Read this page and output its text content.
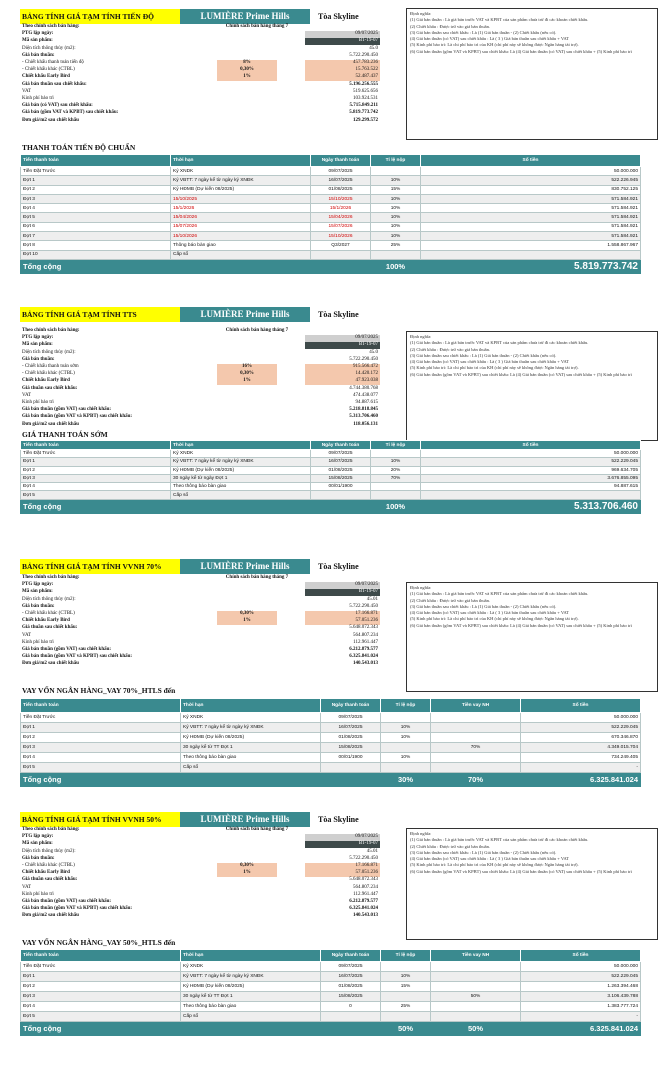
BẢNG TÍNH GIÁ TẠM TÍNH TIẾN ĐỘ	LUMIÈRE Prime Hills	Tòa Skyline	Định nghĩa:
(1) Giá bán thuần : Là giá bán trước VAT và KPBT của sản phẩm chưa trừ đi các khoản chiết khấu.
(2) Chiết khấu : Được trừ vào giá bán thuần.
(3) Giá bán thuần sau chiết khấu : Là (1) Giá bán thuần - (2) Chiết khấu (nếu có).
(4) Giá bán thuần (có VAT) sau chiết khấu : Là ( 3 ) Giá bán thuần sau chiết khấu + VAT
(5) Kinh phí bảo trì: Là chi phí bảo trì của KH (chỉ phí này sẽ không được Ngân hàng tài trợ).
(6) Giá bán thuần (gồm VAT và KPBT) sau chiết khấu: Là (4) Giá bán thuần (có VAT) sau chiết khấu + (5) Kinh phí bảo trì
Theo chính sách bán hàng:	Chính sách bán hàng tháng 7
PTG lập ngày:	09/07/2025
Mã sản phẩm:	B1-19-07
Diện tích thông thủy (m2):	45.0
Giá bán thuần:	5.722.290.450
- Chiết khấu thanh toán tiến độ	8%	457.783.236
- Chiết khấu khác (CTBL)	0,30%	15.763.522
Chiết khấu Early Bird	1%	52.487.437
Giá bán thuần sau chiết khấu:	5.196.256.555
VAT	519.625.656
Kinh phí bảo trì	103.924.531
Giá bán (có VAT) sau chiết khấu:	5.715.849.211
Giá bán (gồm VAT và KPBT) sau chiết khấu:	5.819.773.742
Đơn giá/m2 sau chiết khấu	129.299.572
THANH TOÁN TIẾN ĐỘ CHUẨN
Tiến thanh toán	Thời hạn	Ngày thanh toán	Tỉ lệ nộp	Số tiền
Tiền Đặt Trước	Ký XNDK	09/07/2025		50.000.000
Đợt 1	Ký VBTT: 7 ngày kể từ ngày ký XNĐK	16/07/2025	10%	522.226.945
Đợt 2	Ký HĐMB (Dự kiến 08/2025)	01/08/2025	15%	830.752.125
Đợt 3	15/10/2025	15/10/2025	10%	571.584.921
Đợt 4	15/1/2026	15/1/2026	10%	571.584.921
Đợt 5	15/04/2026	15/04/2026	10%	571.584.921
Đợt 6	15/07/2026	15/07/2026	10%	571.584.921
Đợt 7	15/10/2026	15/10/2026	10%	571.584.921
Đợt 8	Thông báo bàn giao	Q3/2027	25%	1.558.867.967
Đợt 10	Cấp sổ			
Tổng cộng			100%	5.819.773.742
BẢNG TÍNH GIÁ TẠM TÍNH TTS	LUMIÈRE Prime Hills	Tòa Skyline
Định nghĩa:
(1) Giá bán thuần : Là giá bán trước VAT và KPBT của sản phẩm chưa trừ đi các khoản chiết khấu.
(2) Chiết khấu : Được trừ vào giá bán thuần.
(3) Giá bán thuần sau chiết khấu : Là (1) Giá bán thuần - (2) Chiết khấu (nếu có).
(4) Giá bán thuần (có VAT) sau chiết khấu : Là ( 3 ) Giá bán thuần sau chiết khấu + VAT
(5) Kinh phí bảo trì: Là chi phí bảo trì của KH (chỉ phí này sẽ không được Ngân hàng tài trợ).
(6) Giá bán thuần (gồm VAT và KPBT) sau chiết khấu: Là (4) Giá bán thuần (có VAT) sau chiết khấu + (5) Kinh phí bảo trì
Theo chính sách bán hàng:	Chính sách bán hàng tháng 7
PTG lập ngày:	09/07/2025
Mã sản phẩm:	B1-19-07
Diện tích thông thủy (m2):	45.0
Giá bán thuần:	5.722.290.450
- Chiết khấu thanh toán sớm	16%	915.566.472
- Chiết khấu khác (CTBL)	0,30%	14.420.172
Chiết khấu Early Bird	1%	47.923.038
Giá thuần sau chiết khấu:	4.744.380.768
VAT	474.438.077
Kinh phí bảo trì	94.887.615
Giá bán thuần (gồm VAT) sau chiết khấu:	5.218.818.845
Giá bán thuần (gồm VAT và KPBT) sau chiết khấu:	5.313.706.460
Đơn giá/m2 sau chiết khấu	118.056.131
GIÁ THANH TOÁN SỚM
Tiến thanh toán	Thời hạn	Ngày thanh toán	Tỉ lệ nộp	Số tiền
Tiền Đặt Trước	Ký XNDK	09/07/2025		50.000.000
Đợt 1	Ký VBTT: 7 ngày kể từ ngày ký XNĐK	16/07/2025	10%	522.229.045
Đợt 2	Ký HĐMB (Dự kiến 08/2025)	01/08/2025	20%	969.634.705
Đợt 3	30 ngày kể từ ngày Đợt 1	15/08/2025	70%	3.676.855.095
Đợt 4	Theo thông báo bàn giao	00/01/1900		94.887.615
Đợt 5	Cấp sổ			
Tổng cộng			100%	5.313.706.460
BẢNG TÍNH GIÁ TẠM TÍNH VVNH 70%	LUMIÈRE Prime Hills	Tòa Skyline
Định nghĩa:
(1) Giá bán thuần : Là giá bán trước VAT và KPBT của sản phẩm chưa trừ đi các khoản chiết khấu.
(2) Chiết khấu : Được trừ vào giá bán thuần.
(3) Giá bán thuần sau chiết khấu : Là (1) Giá bán thuần - (2) Chiết khấu (nếu có).
(4) Giá bán thuần (có VAT) sau chiết khấu : Là ( 3 ) Giá bán thuần sau chiết khấu + VAT
(5) Kinh phí bảo trì: Là chi phí bảo trì của KH (chỉ phí này sẽ không được Ngân hàng tài trợ).
(6) Giá bán thuần (gồm VAT và KPBT) sau chiết khấu: Là (4) Giá bán thuần (có VAT) sau chiết khấu + (5) Kinh phí bảo trì
Theo chính sách bán hàng:	Chính sách bán hàng tháng 7
PTG lập ngày:	09/07/2025
Mã sản phẩm:	B1-19-07
Diện tích thông thủy (m2):	45.01
Giá bán thuần:	5.722.290.450
- Chiết khấu khác (CTBL)	0,30%	17.166.871
Chiết khấu Early Bird	1%	57.051.236
Giá thuần sau chiết khấu:	5.648.072.343
VAT	564.807.234
Kinh phí bảo trì	112.961.447
Giá bán thuần (gồm VAT) sau chiết khấu:	6.212.879.577
Giá bán thuần (gồm VAT và KPBT) sau chiết khấu:	6.325.841.024
Đơn giá/m2 sau chiết khấu	140.543.013
VAY VỐN NGÂN HÀNG_VAY 70%_HTLS đến
Tiến thanh toán	Thời hạn	Ngày thanh toán	Tỉ lệ nộp	Tiền vay NH	Số tiền
Tiền Đặt Trước	Ký XNDK	09/07/2025			50.000.000
Đợt 1	Ký VBTT: 7 ngày kể từ ngày ký XNĐK	16/07/2025	10%		522.229.045
Đợt 2	Ký HĐMB (Dự kiến 08/2025)	01/08/2025	10%		670.346.870
Đợt 3	30 ngày kể từ TT Đợt 1	15/08/2025		70%	4.349.015.704
Đợt 4	Theo thông báo bàn giao	00/01/1900	10%		734.249.405
Đợt 5	Cấp sổ				-
Tổng cộng			30%	70%	6.325.841.024
BẢNG TÍNH GIÁ TẠM TÍNH VVNH 50%	LUMIÈRE Prime Hills	Tòa Skyline
Định nghĩa:
(1) Giá bán thuần : Là giá bán trước VAT và KPBT của sản phẩm chưa trừ đi các khoản chiết khấu.
(2) Chiết khấu : Được trừ vào giá bán thuần.
(3) Giá bán thuần sau chiết khấu : Là (1) Giá bán thuần - (2) Chiết khấu (nếu có).
(4) Giá bán thuần (có VAT) sau chiết khấu : Là ( 3 ) Giá bán thuần sau chiết khấu + VAT
(5) Kinh phí bảo trì: Là chi phí bảo trì của KH (chỉ phí này sẽ không được Ngân hàng tài trợ).
(6) Giá bán thuần (gồm VAT và KPBT) sau chiết khấu: Là (4) Giá bán thuần (có VAT) sau chiết khấu + (5) Kinh phí bảo trì
Theo chính sách bán hàng:	Chính sách bán hàng tháng 7
PTG lập ngày:	09/07/2025
Mã sản phẩm:	B1-19-07
Diện tích thông thủy (m2):	45.01
Giá bán thuần:	5.722.290.450
- Chiết khấu khác (CTBL)	0,30%	17.166.871
Chiết khấu Early Bird	1%	57.051.236
Giá thuần sau chiết khấu:	5.648.072.343
VAT	564.807.234
Kinh phí bảo trì	112.961.447
Giá bán thuần (gồm VAT) sau chiết khấu:	6.212.879.577
Giá bán thuần (gồm VAT và KPBT) sau chiết khấu:	6.325.841.024
Đơn giá/m2 sau chiết khấu	140.543.013
VAY VỐN NGÂN HÀNG_VAY 50%_HTLS đến
Tiến thanh toán	Thời hạn	Ngày thanh toán	Tỉ lệ nộp	Tiền vay NH	Số tiền
Tiền Đặt Trước	Ký XNDK	09/07/2025			50.000.000
Đợt 1	Ký VBTT: 7 ngày kể từ ngày ký XNĐK	16/07/2025	10%		522.229.045
Đợt 2	Ký HĐMB (Dự kiến 08/2025)	01/08/2025	15%		1.263.394.468
Đợt 3	30 ngày kể từ TT Đợt 1	15/08/2025		50%	3.106.439.788
Đợt 4	Theo thông báo bàn giao	0	25%		1.383.777.724
Đợt 5	Cấp sổ				-
Tổng cộng			50%	50%	6.325.841.024
